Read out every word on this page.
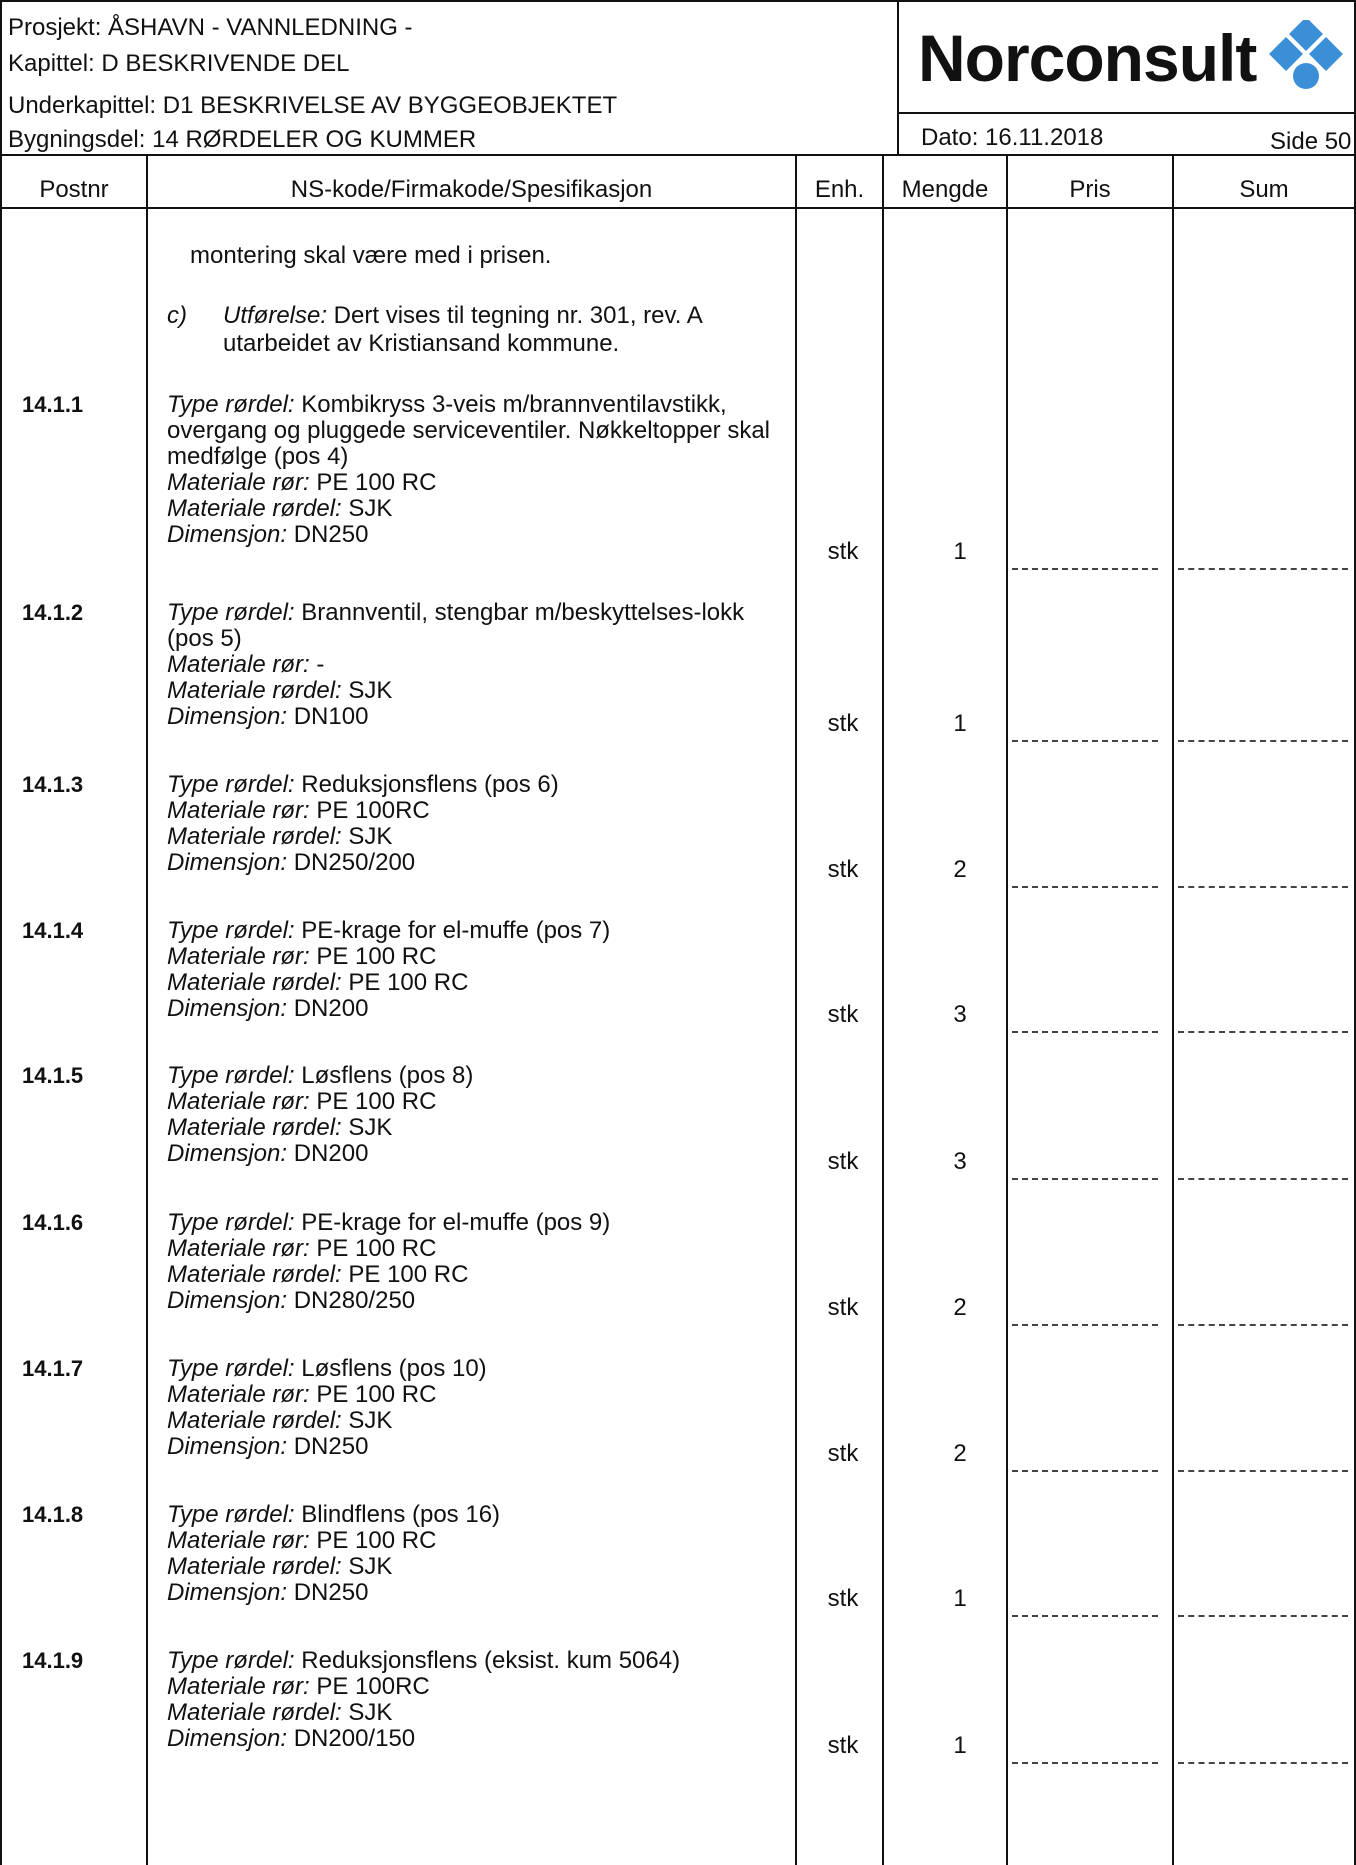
Prosjekt: ÅSHAVN - VANNLEDNING -
Kapittel: D BESKRIVENDE DEL
Underkapittel: D1 BESKRIVELSE AV BYGGEOBJEKTET
Bygningsdel: 14 RØRDELER OG KUMMER
Norconsult
Dato: 16.11.2018	Side 50
Postnr	NS-kode/Firmakode/Spesifikasjon	Enh.	Mengde	Pris	Sum
montering skal være med i prisen.
c)	Utførelse: Dert vises til tegning nr. 301, rev. A
utarbeidet av Kristiansand kommune.
14.1.1	Type rørdel: Kombikryss 3-veis m/brannventilavstikk, overgang og pluggede serviceventiler. Nøkkeltopper skal medfølge (pos 4)
Materiale rør: PE 100 RC
Materiale rørdel: SJK
Dimensjon: DN250
stk	1
14.1.2	Type rørdel: Brannventil, stengbar m/beskyttelses-lokk (pos 5)
Materiale rør: -
Materiale rørdel: SJK
Dimensjon: DN100	stk	1
14.1.3	Type rørdel: Reduksjonsflens (pos 6)
Materiale rør: PE 100RC
Materiale rørdel: SJK
Dimensjon: DN250/200	stk	2
14.1.4	Type rørdel: PE-krage for el-muffe (pos 7)
Materiale rør: PE 100 RC
Materiale rørdel: PE 100 RC
Dimensjon: DN200	stk	3
14.1.5	Type rørdel: Løsflens (pos 8)
Materiale rør: PE 100 RC
Materiale rørdel: SJK
Dimensjon: DN200	stk	3
14.1.6	Type rørdel: PE-krage for el-muffe (pos 9)
Materiale rør: PE 100 RC
Materiale rørdel: PE 100 RC
Dimensjon: DN280/250	stk	2
14.1.7	Type rørdel: Løsflens (pos 10)
Materiale rør: PE 100 RC
Materiale rørdel: SJK
Dimensjon: DN250	stk	2
14.1.8	Type rørdel: Blindflens (pos 16)
Materiale rør: PE 100 RC
Materiale rørdel: SJK
Dimensjon: DN250	stk	1
14.1.9	Type rørdel: Reduksjonsflens (eksist. kum 5064)
Materiale rør: PE 100RC
Materiale rørdel: SJK
Dimensjon: DN200/150	stk	1
